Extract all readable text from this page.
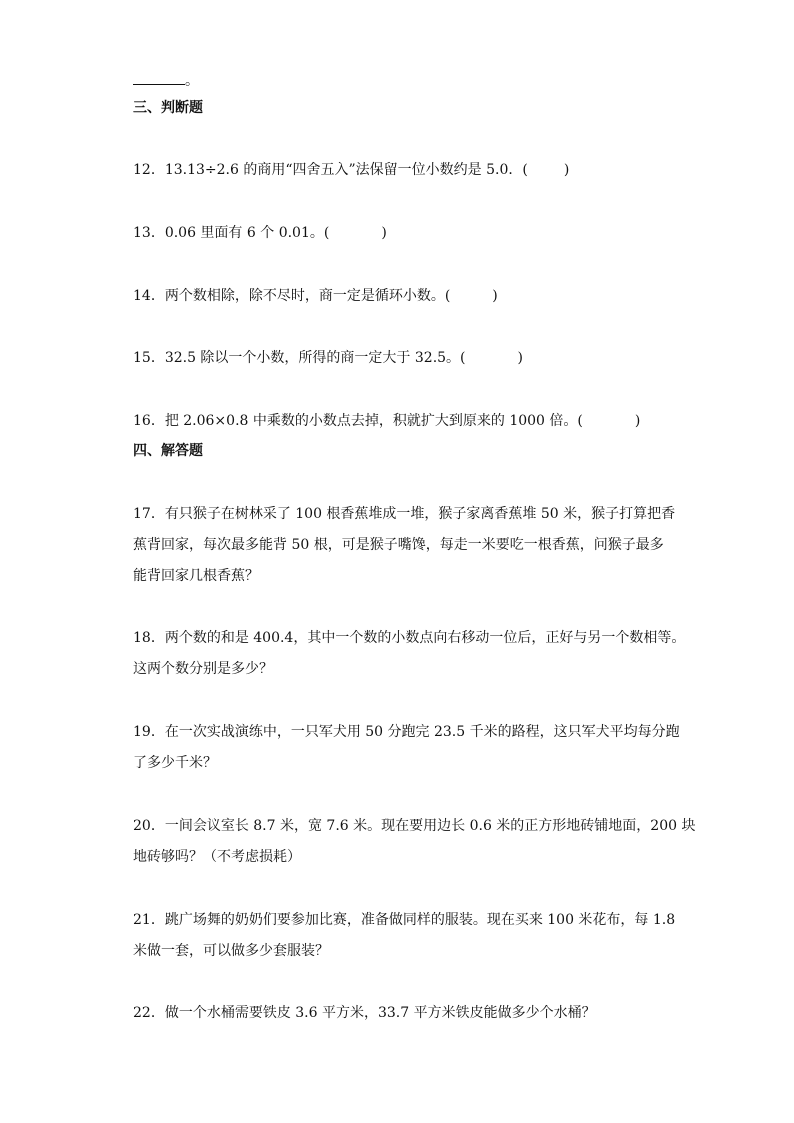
。
三、判断题
12．13.13÷2.6 的商用“四舍五入”法保留一位小数约是 5.0．(	)
13．0.06 里面有 6 个 0.01。(	)
14．两个数相除，除不尽时，商一定是循环小数。(	)
15．32.5 除以一个小数，所得的商一定大于 32.5。(	)
16．把 2.06×0.8 中乘数的小数点去掉，积就扩大到原来的 1000 倍。(	)
四、解答题
17．有只猴子在树林采了 100 根香蕉堆成一堆，猴子家离香蕉堆 50 米，猴子打算把香
蕉背回家，每次最多能背 50 根，可是猴子嘴馋，每走一米要吃一根香蕉，问猴子最多
能背回家几根香蕉？
18．两个数的和是 400.4，其中一个数的小数点向右移动一位后，正好与另一个数相等。
这两个数分别是多少？
19．在一次实战演练中，一只军犬用 50 分跑完 23.5 千米的路程，这只军犬平均每分跑
了多少千米？
20．一间会议室长 8.7 米，宽 7.6 米。现在要用边长 0.6 米的正方形地砖铺地面，200 块
地砖够吗？（不考虑损耗）
21．跳广场舞的奶奶们要参加比赛，准备做同样的服装。现在买来 100 米花布，每 1.8
米做一套，可以做多少套服装？
22．做一个水桶需要铁皮 3.6 平方米，33.7 平方米铁皮能做多少个水桶？
